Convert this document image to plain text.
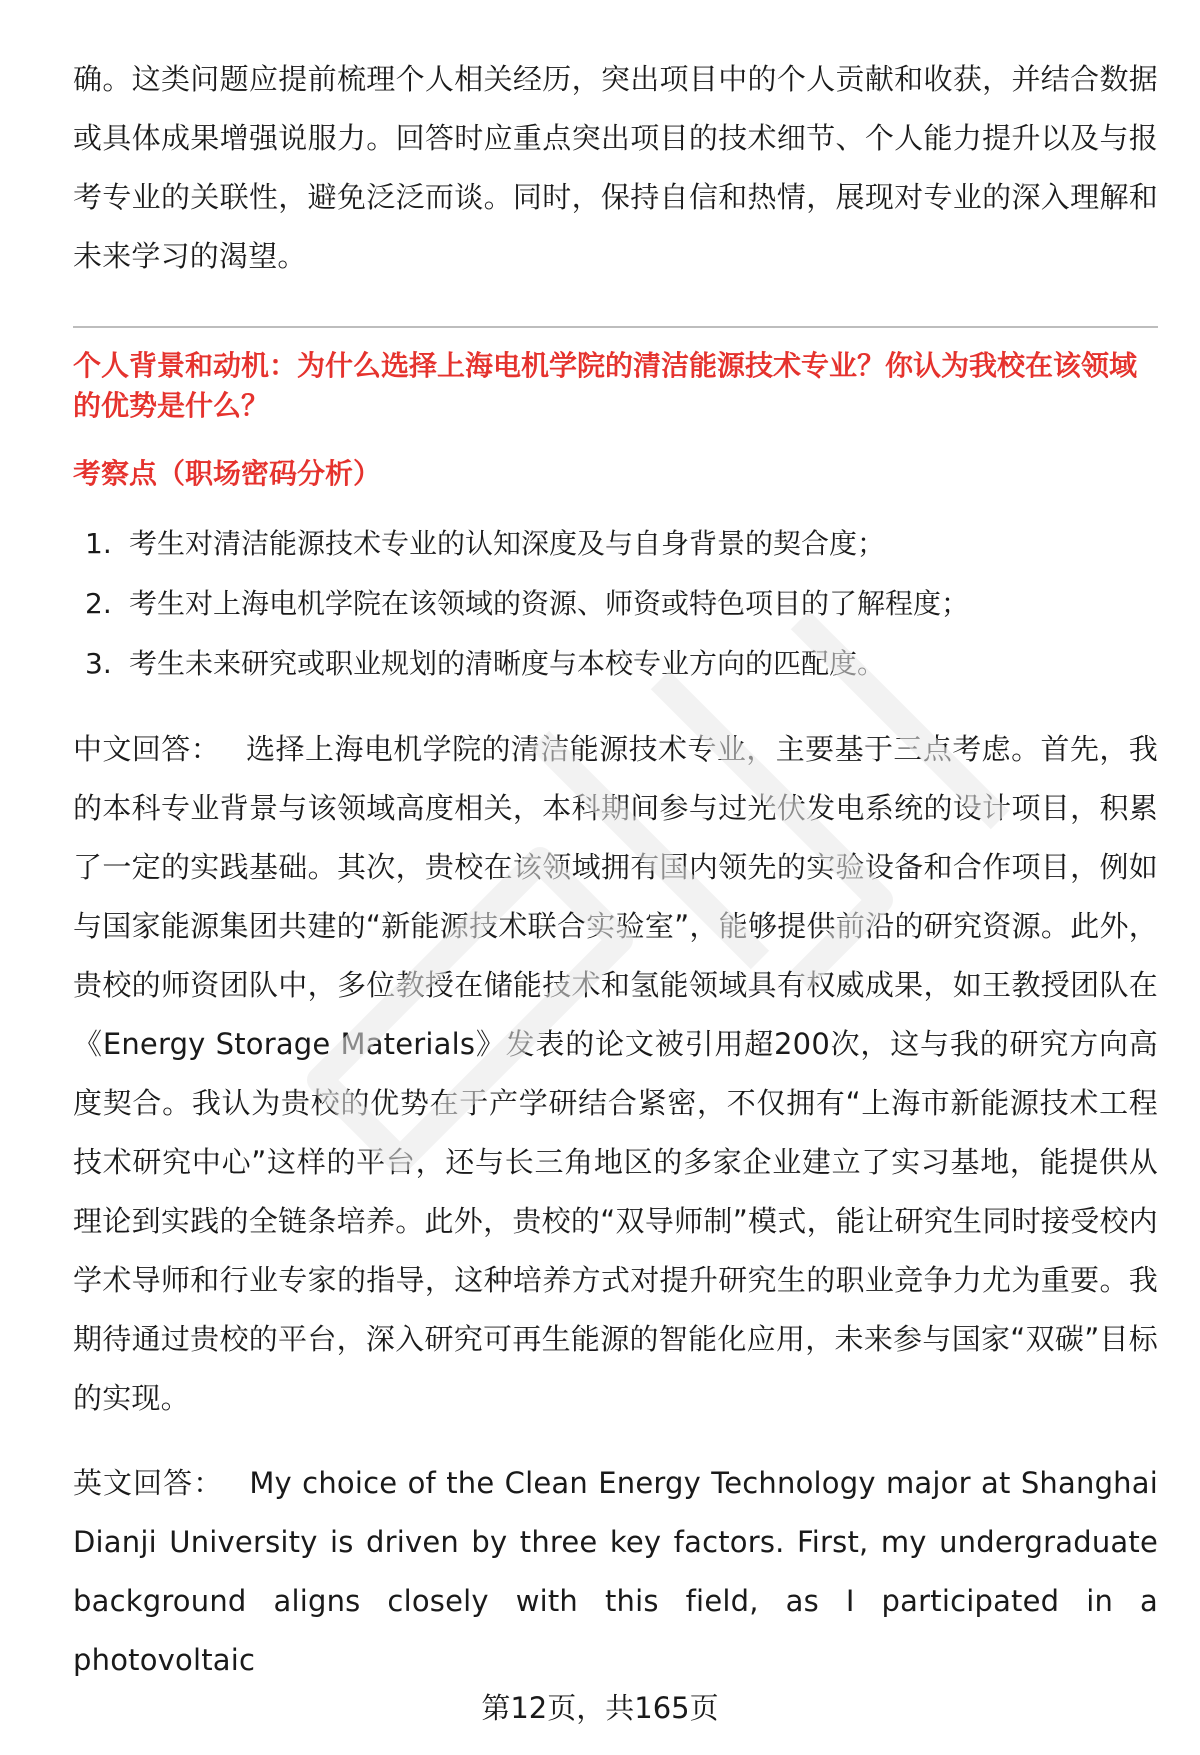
确。这类问题应提前梳理个人相关经历，突出项目中的个人贡献和收获，并结合数据或具体成果增强说服力。回答时应重点突出项目的技术细节、个人能力提升以及与报考专业的关联性，避免泛泛而谈。同时，保持自信和热情，展现对专业的深入理解和未来学习的渴望。

个人背景和动机：为什么选择上海电机学院的清洁能源技术专业？你认为我校在该领域的优势是什么？

考察点（职场密码分析）

1. 考生对清洁能源技术专业的认知深度及与自身背景的契合度；
2. 考生对上海电机学院在该领域的资源、师资或特色项目的了解程度；
3. 考生未来研究或职业规划的清晰度与本校专业方向的匹配度。

中文回答： 选择上海电机学院的清洁能源技术专业，主要基于三点考虑。首先，我的本科专业背景与该领域高度相关，本科期间参与过光伏发电系统的设计项目，积累了一定的实践基础。其次，贵校在该领域拥有国内领先的实验设备和合作项目，例如与国家能源集团共建的“新能源技术联合实验室”，能够提供前沿的研究资源。此外，贵校的师资团队中，多位教授在储能技术和氢能领域具有权威成果，如王教授团队在《Energy Storage Materials》发表的论文被引用超200次，这与我的研究方向高度契合。我认为贵校的优势在于产学研结合紧密，不仅拥有“上海市新能源技术工程技术研究中心”这样的平台，还与长三角地区的多家企业建立了实习基地，能提供从理论到实践的全链条培养。此外，贵校的“双导师制”模式，能让研究生同时接受校内学术导师和行业专家的指导，这种培养方式对提升研究生的职业竞争力尤为重要。我期待通过贵校的平台，深入研究可再生能源的智能化应用，未来参与国家“双碳”目标的实现。

英文回答： My choice of the Clean Energy Technology major at Shanghai Dianji University is driven by three key factors. First, my undergraduate background aligns closely with this field, as I participated in a photovoltaic

第12页，共165页
